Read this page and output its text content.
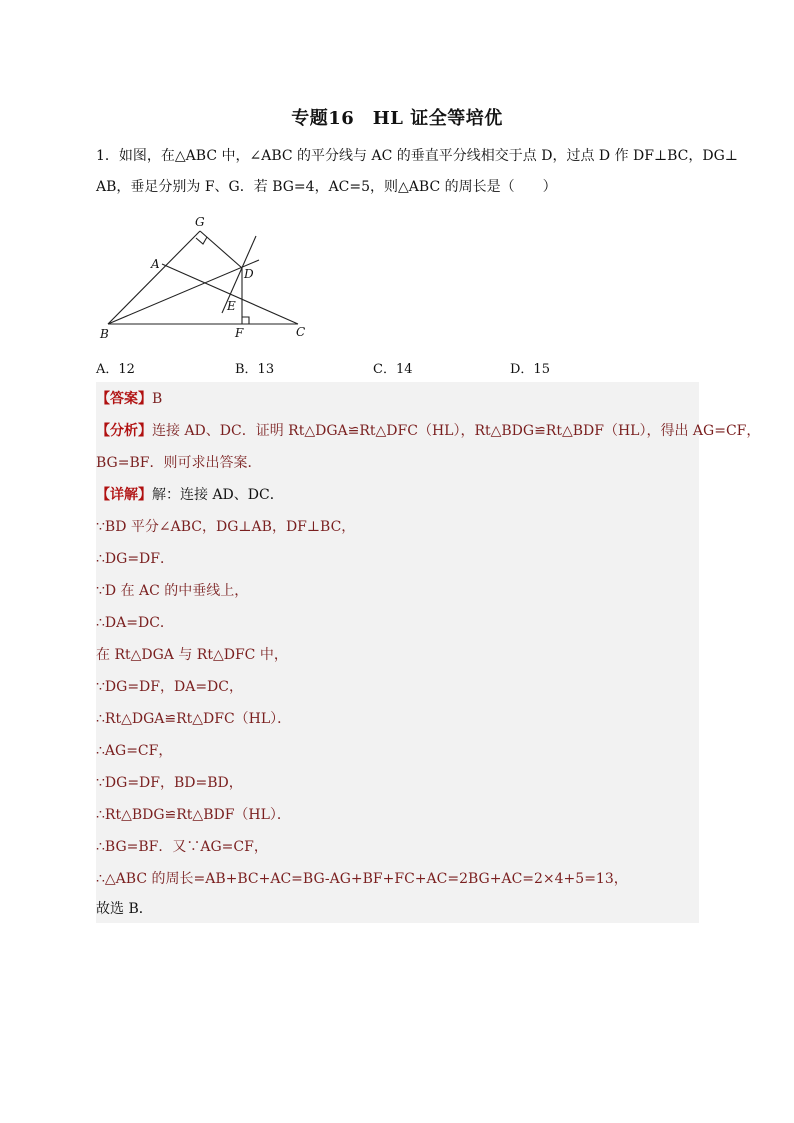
专题16　HL 证全等培优
1．如图，在△ABC 中，∠ABC 的平分线与 AC 的垂直平分线相交于点 D，过点 D 作 DF⊥BC，DG⊥
AB，垂足分别为 F、G．若 BG=4，AC=5，则△ABC 的周长是（　　）
G
A
D
E
B	F	C
A．12	B．13	C．14	D．15
【答案】B
【分析】连接 AD、DC．证明 Rt△DGA≌Rt△DFC（HL），Rt△BDG≌Rt△BDF（HL），得出 AG=CF，
BG=BF．则可求出答案．
【详解】解：连接 AD、DC．
∵BD 平分∠ABC，DG⊥AB，DF⊥BC，
∴DG=DF．
∵D 在 AC 的中垂线上，
∴DA=DC．
在 Rt△DGA 与 Rt△DFC 中，
∵DG=DF，DA=DC，
∴Rt△DGA≌Rt△DFC（HL）．
∴AG=CF，
∵DG=DF，BD=BD，
∴Rt△BDG≌Rt△BDF（HL）．
∴BG=BF．又∵AG=CF，
∴△ABC 的周长=AB+BC+AC=BG-AG+BF+FC+AC=2BG+AC=2×4+5=13，
故选 B．
